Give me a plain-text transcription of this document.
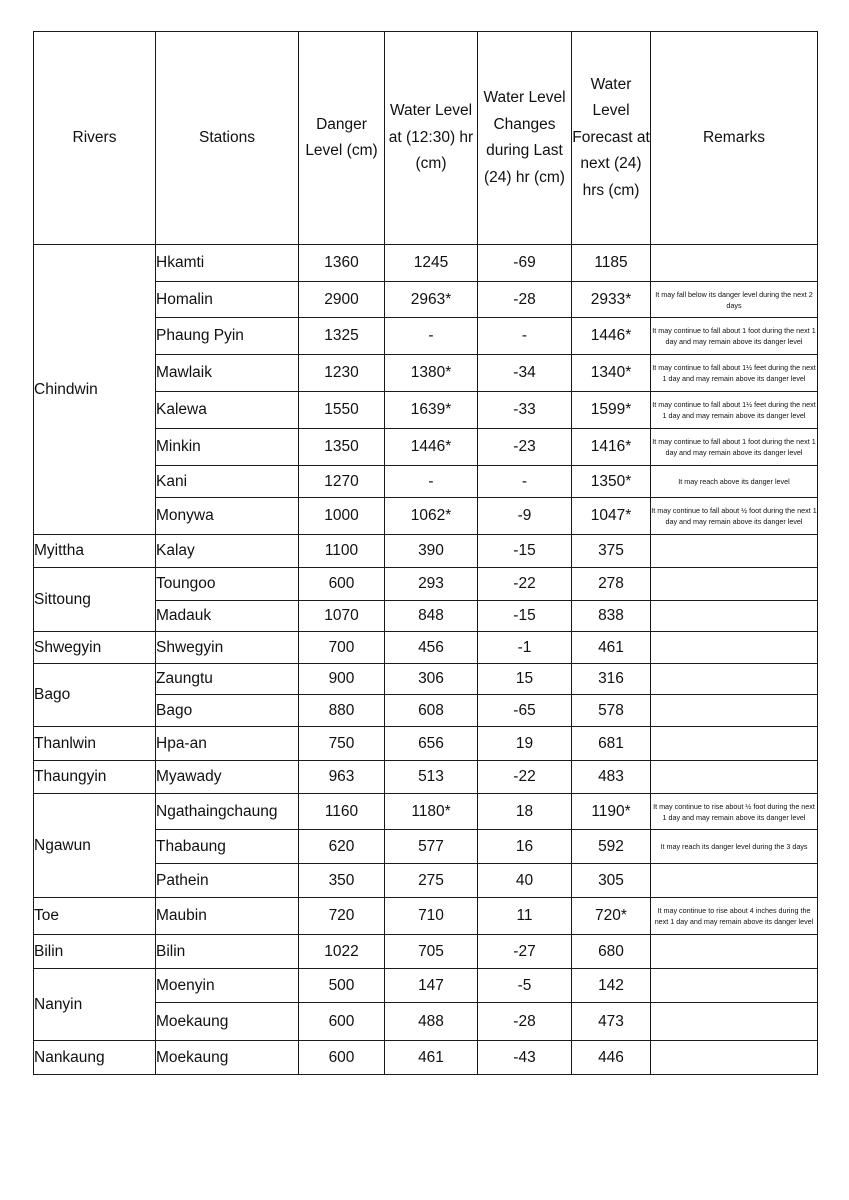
Rivers	Stations	Danger Level (cm)	Water Level at (12:30) hr (cm)	Water Level Changes during Last (24) hr (cm)	Water Level Forecast at next (24) hrs (cm)	Remarks
Chindwin	Hkamti	1360	1245	-69	1185	
	Homalin	2900	2963*	-28	2933*	It may fall below its danger level during the next 2 days
	Phaung Pyin	1325	-	-	1446*	It may continue to fall about 1 foot during the next 1 day and may remain above its danger level
	Mawlaik	1230	1380*	-34	1340*	It may continue to fall about 1½ feet during the next 1 day and may remain above its danger level
	Kalewa	1550	1639*	-33	1599*	It may continue to fall about 1½ feet during the next 1 day and may remain above its danger level
	Minkin	1350	1446*	-23	1416*	It may continue to fall about 1 foot during the next 1 day and may remain above its danger level
	Kani	1270	-	-	1350*	It may reach above its danger level
	Monywa	1000	1062*	-9	1047*	It may continue to fall about ½ foot during the next 1 day and may remain above its danger level
Myittha	Kalay	1100	390	-15	375	
Sittoung	Toungoo	600	293	-22	278	
	Madauk	1070	848	-15	838	
Shwegyin	Shwegyin	700	456	-1	461	
Bago	Zaungtu	900	306	15	316	
	Bago	880	608	-65	578	
Thanlwin	Hpa-an	750	656	19	681	
Thaungyin	Myawady	963	513	-22	483	
Ngawun	Ngathaingchaung	1160	1180*	18	1190*	It may continue to rise about ½ foot during the next 1 day and may remain above its danger level
	Thabaung	620	577	16	592	It may reach its danger level during the 3 days
	Pathein	350	275	40	305	
Toe	Maubin	720	710	11	720*	It may continue to rise about 4 inches during the next 1 day and may remain above its danger level
Bilin	Bilin	1022	705	-27	680	
Nanyin	Moenyin	500	147	-5	142	
	Moekaung	600	488	-28	473	
Nankaung	Moekaung	600	461	-43	446	
